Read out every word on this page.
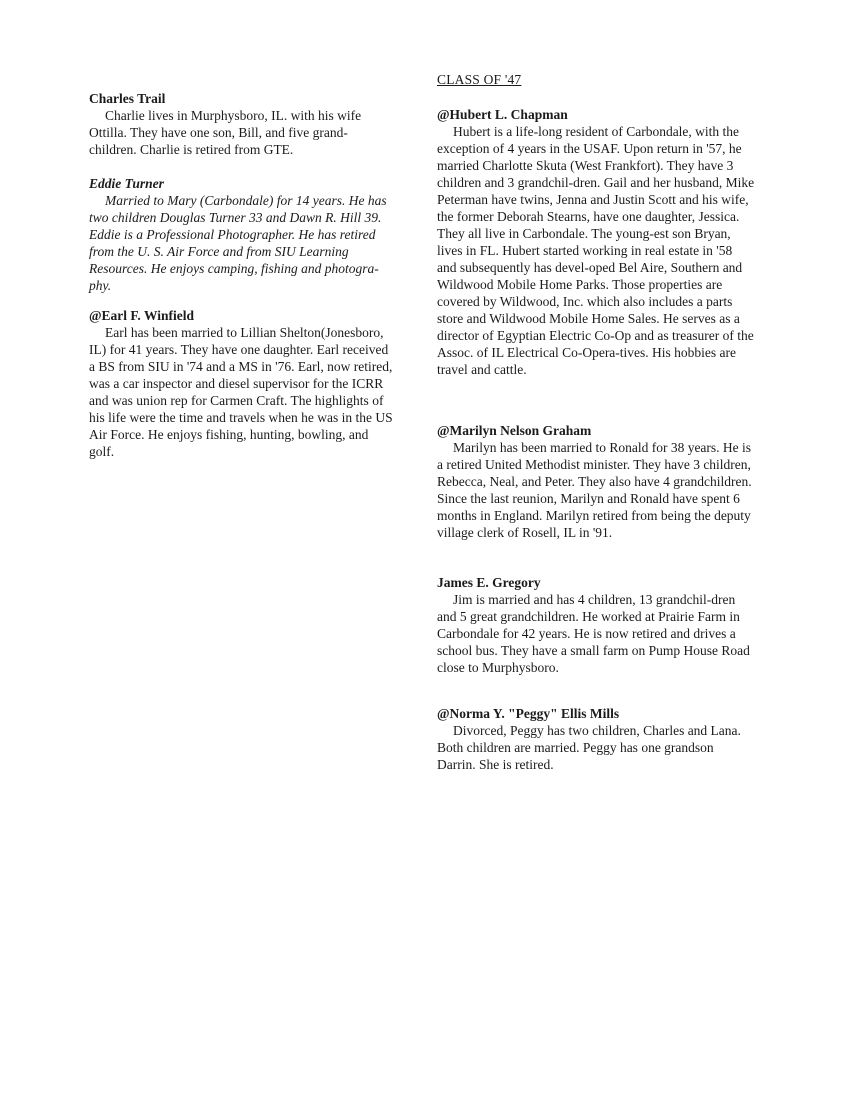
Charles Trail

Charlie lives in Murphysboro, IL. with his wife Ottilla. They have one son, Bill, and five grand-children. Charlie is retired from GTE.

Eddie Turner

Married to Mary (Carbondale) for 14 years. He has two children Douglas Turner 33 and Dawn R. Hill 39. Eddie is a Professional Photographer. He has retired from the U. S. Air Force and from SIU Learning Resources. He enjoys camping, fishing and photogra-phy.

@Earl F. Winfield

Earl has been married to Lillian Shelton(Jonesboro, IL) for 41 years. They have one daughter. Earl received a BS from SIU in '74 and a MS in '76. Earl, now retired, was a car inspector and diesel supervisor for the ICRR and was union rep for Carmen Craft. The highlights of his life were the time and travels when he was in the US Air Force. He enjoys fishing, hunting, bowling, and golf.

CLASS OF '47

@Hubert L. Chapman

Hubert is a life-long resident of Carbondale, with the exception of 4 years in the USAF. Upon return in '57, he married Charlotte Skuta (West Frankfort). They have 3 children and 3 grandchil-dren. Gail and her husband, Mike Peterman have twins, Jenna and Justin Scott and his wife, the former Deborah Stearns, have one daughter, Jessica. They all live in Carbondale. The young-est son Bryan, lives in FL. Hubert started working in real estate in '58 and subsequently has devel-oped Bel Aire, Southern and Wildwood Mobile Home Parks. Those properties are covered by Wildwood, Inc. which also includes a parts store and Wildwood Mobile Home Sales. He serves as a director of Egyptian Electric Co-Op and as treasurer of the Assoc. of IL Electrical Co-Opera-tives. His hobbies are travel and cattle.

@Marilyn Nelson Graham

Marilyn has been married to Ronald for 38 years. He is a retired United Methodist minister. They have 3 children, Rebecca, Neal, and Peter. They also have 4 grandchildren. Since the last reunion, Marilyn and Ronald have spent 6 months in England. Marilyn retired from being the deputy village clerk of Rosell, IL in '91.

James E. Gregory

Jim is married and has 4 children, 13 grandchil-dren and 5 great grandchildren. He worked at Prairie Farm in Carbondale for 42 years. He is now retired and drives a school bus. They have a small farm on Pump House Road close to Murphysboro.

@Norma Y. "Peggy" Ellis Mills

Divorced, Peggy has two children, Charles and Lana. Both children are married. Peggy has one grandson Darrin. She is retired.
